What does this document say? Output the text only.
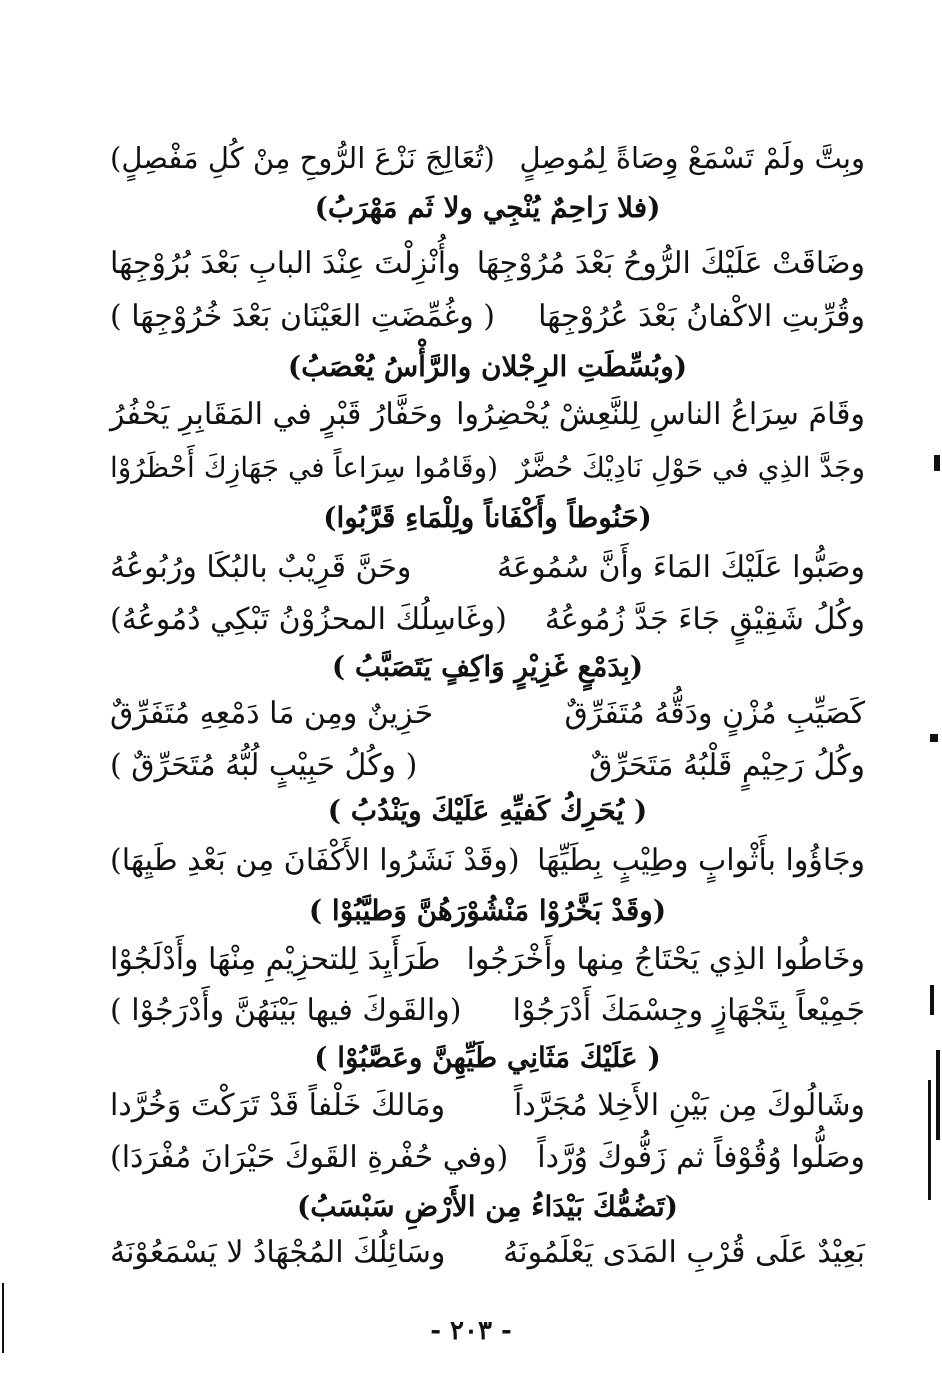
وبِتَّ ولَمْ تَسْمَعْ وِصَاةً لِمُوصِلٍ
(تُعَالِجَ نَزْعَ الرُّوحِ مِنْ كُلِ مَفْصِلٍ)
(فلا رَاحِمٌ يُنْجِي ولا ثَم مَهْرَبُ)
وضَاقَتْ عَلَيْكَ الرُّوحُ بَعْدَ مُرُوْجِهَا
وأُنْزِلْتَ عِنْدَ البابِ بَعْدَ بُرُوْجِهَا
وقُرِّبتِ الاكْفانُ بَعْدَ عُرُوْجِهَا
( وغُمِّضَتِ العَيْنَان بَعْدَ خُرُوْجِهَا )
(وبُسِّطَتِ الرِجْلان والرَّأْسُ يُعْصَبُ)
وقَامَ سِرَاعُ الناسِ لِلنَّعِشْ يُحْضِرُوا
وحَفَّارُ قَبْرٍ في المَقَابِرِ يَحْفُرُ
وجَدَّ الذِي في حَوْلِ نَادِيْكَ حُضَّرٌ
(وقَامُوا سِرَاعاً في جَهَازِكَ أَحْظَرُوْا
(حَنُوطاً وأَكْفَاناً ولِلْمَاءِ قَرَّبُوا)
وصَبُّوا عَلَيْكَ المَاءَ وأَنَّ سُمُوعَهُ
وحَنَّ قَرِيْبٌ بالبُكَا ورُبُوعُهُ
وكُلُ شَقِيْقٍ جَاءَ جَدَّ زُمُوعُهُ
(وغَاسِلُكَ المحزُوْنُ تَبْكِي دُمُوعُهُ)
(بِدَمْعٍ غَزِيْرٍ وَاكِفٍ يَتَصَبَّبُ )
كَصَيِّبِ مُزْنٍ ودَقُّهُ مُتَفَرِّقٌ
حَزِينٌ ومِن مَا دَمْعِهِ مُتَفَرِّقٌ
وكُلُ رَحِيْمٍ قَلْبُهُ مَتَحَرِّقٌ
( وكُلُ حَبِيْبٍ لُبُّهُ مُتَحَرِّقٌ )
( يُحَرِكُ كَفيِّهِ عَلَيْكَ ويَنْدُبُ )
وجَاؤُوا بأَثْوابٍ وطِيْبٍ بِطَيِّهَا
(وقَدْ نَشَرُوا الأَكْفَانَ مِن بَعْدِ طَيِهَا)
(وقَدْ بَخَّرُوْا مَنْشُوْرَهُنَّ وَطيَّبُوْا )
وخَاطُوا الذِي يَحْتَاجُ مِنها وأَخْرَجُوا
طَرَأَيِدَ لِلتحزِيْمِ مِنْهَا وأَدْلَجُوْا
جَمِيْعاً بِتَجْهَازٍ وجِسْمَكَ أَدْرَجُوْا
(والقَوكَ فيها بَيْنَهُنَّ وأَدْرَجُوْا )
( عَلَيْكَ مَثَانِي طَيِّهِنَّ وعَصَّبُوْا )
وشَالُوكَ مِن بَيْنِ الأَخِلا مُجَرَّداً
ومَالكَ خَلْفاً قَدْ تَرَكْتَ وَخُرَّدا
وصَلُّوا وُقُوْفاً ثم زَفُّوكَ وُرَّداً
(وفي حُفْرةِ القَوكَ حَيْرَانَ مُفْرَدَا)
(تَضُمُّكَ بَيْدَاءُ مِن الأَرْضِ سَبْسَبُ)
بَعِيْدٌ عَلَى قُرْبِ المَدَى يَعْلَمُونَهُ
وسَائِلُكَ المُجْهَادُ لا يَسْمَعُوْنَهُ
- ٢٠٣ -
